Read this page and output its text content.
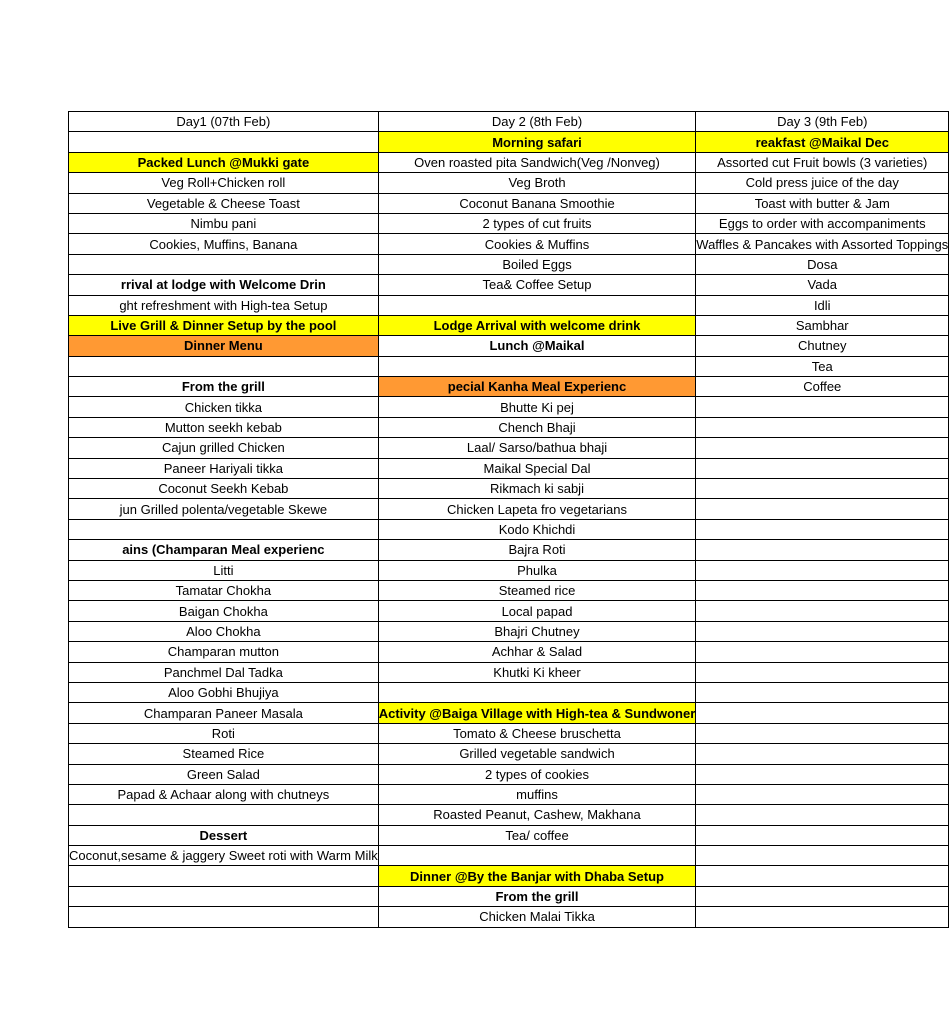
Day1 (07th Feb)	Day 2 (8th Feb)	Day 3 (9th Feb)
	Morning safari	reakfast @Maikal Dec
Packed Lunch @Mukki gate	Oven roasted pita Sandwich(Veg /Nonveg)	Assorted cut Fruit bowls (3 varieties)
Veg Roll+Chicken roll	Veg Broth	Cold press juice of the day
Vegetable & Cheese Toast	Coconut Banana Smoothie	Toast with butter & Jam
Nimbu pani	2 types of cut fruits	Eggs to order with accompaniments
Cookies, Muffins, Banana	Cookies & Muffins	Waffles & Pancakes with Assorted Toppings
	Boiled Eggs	Dosa
rrival at lodge with Welcome Drin	Tea& Coffee Setup	Vada
ght refreshment with High-tea Setup		Idli
Live Grill & Dinner Setup by the pool	Lodge Arrival with welcome drink	Sambhar
Dinner Menu	Lunch @Maikal	Chutney
		Tea
From the grill	pecial Kanha Meal Experienc	Coffee
Chicken tikka	Bhutte Ki pej	
Mutton seekh kebab	Chench Bhaji	
Cajun grilled Chicken	Laal/ Sarso/bathua bhaji	
Paneer Hariyali tikka	Maikal Special Dal	
Coconut Seekh Kebab	Rikmach ki sabji	
jun Grilled polenta/vegetable Skewe	Chicken Lapeta fro vegetarians	
	Kodo Khichdi	
ains (Champaran Meal experienc	Bajra Roti	
Litti	Phulka	
Tamatar Chokha	Steamed rice	
Baigan Chokha	Local papad	
Aloo Chokha	Bhajri Chutney	
Champaran mutton	Achhar & Salad	
Panchmel Dal Tadka	Khutki Ki kheer	
Aloo Gobhi Bhujiya		
Champaran Paneer Masala	Activity @Baiga Village with High-tea & Sundwoner	
Roti	Tomato & Cheese bruschetta	
Steamed Rice	Grilled vegetable sandwich	
Green Salad	2 types of cookies	
Papad & Achaar along with chutneys	muffins	
	Roasted Peanut, Cashew, Makhana	
Dessert	Tea/ coffee	
Coconut,sesame & jaggery Sweet roti with Warm Milk		
	Dinner @By the Banjar with Dhaba Setup	
	From the grill	
	Chicken Malai Tikka	
